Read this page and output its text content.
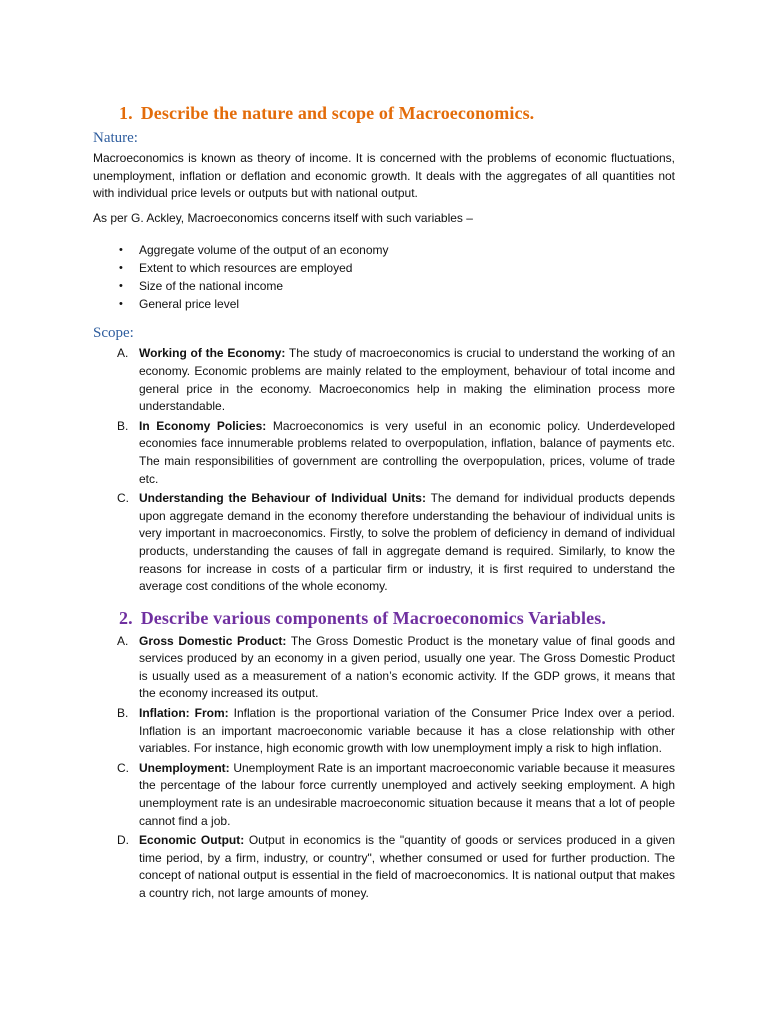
1. Describe the nature and scope of Macroeconomics.
Nature:

Macroeconomics is known as theory of income. It is concerned with the problems of economic fluctuations, unemployment, inflation or deflation and economic growth. It deals with the aggregates of all quantities not with individual price levels or outputs but with national output.

As per G. Ackley, Macroeconomics concerns itself with such variables –

• Aggregate volume of the output of an economy
• Extent to which resources are employed
• Size of the national income
• General price level
Scope:
A. Working of the Economy: The study of macroeconomics is crucial to understand the working of an economy. Economic problems are mainly related to the employment, behaviour of total income and general price in the economy. Macroeconomics help in making the elimination process more understandable.
B. In Economy Policies: Macroeconomics is very useful in an economic policy. Underdeveloped economies face innumerable problems related to overpopulation, inflation, balance of payments etc. The main responsibilities of government are controlling the overpopulation, prices, volume of trade etc.
C. Understanding the Behaviour of Individual Units: The demand for individual products depends upon aggregate demand in the economy therefore understanding the behaviour of individual units is very important in macroeconomics. Firstly, to solve the problem of deficiency in demand of individual products, understanding the causes of fall in aggregate demand is required. Similarly, to know the reasons for increase in costs of a particular firm or industry, it is first required to understand the average cost conditions of the whole economy.
2. Describe various components of Macroeconomics Variables.
A. Gross Domestic Product: The Gross Domestic Product is the monetary value of final goods and services produced by an economy in a given period, usually one year. The Gross Domestic Product is usually used as a measurement of a nation’s economic activity. If the GDP grows, it means that the economy increased its output.
B. Inflation: From: Inflation is the proportional variation of the Consumer Price Index over a period. Inflation is an important macroeconomic variable because it has a close relationship with other variables. For instance, high economic growth with low unemployment imply a risk to high inflation.
C. Unemployment: Unemployment Rate is an important macroeconomic variable because it measures the percentage of the labour force currently unemployed and actively seeking employment. A high unemployment rate is an undesirable macroeconomic situation because it means that a lot of people cannot find a job.
D. Economic Output: Output in economics is the "quantity of goods or services produced in a given time period, by a firm, industry, or country", whether consumed or used for further production. The concept of national output is essential in the field of macroeconomics. It is national output that makes a country rich, not large amounts of money.
